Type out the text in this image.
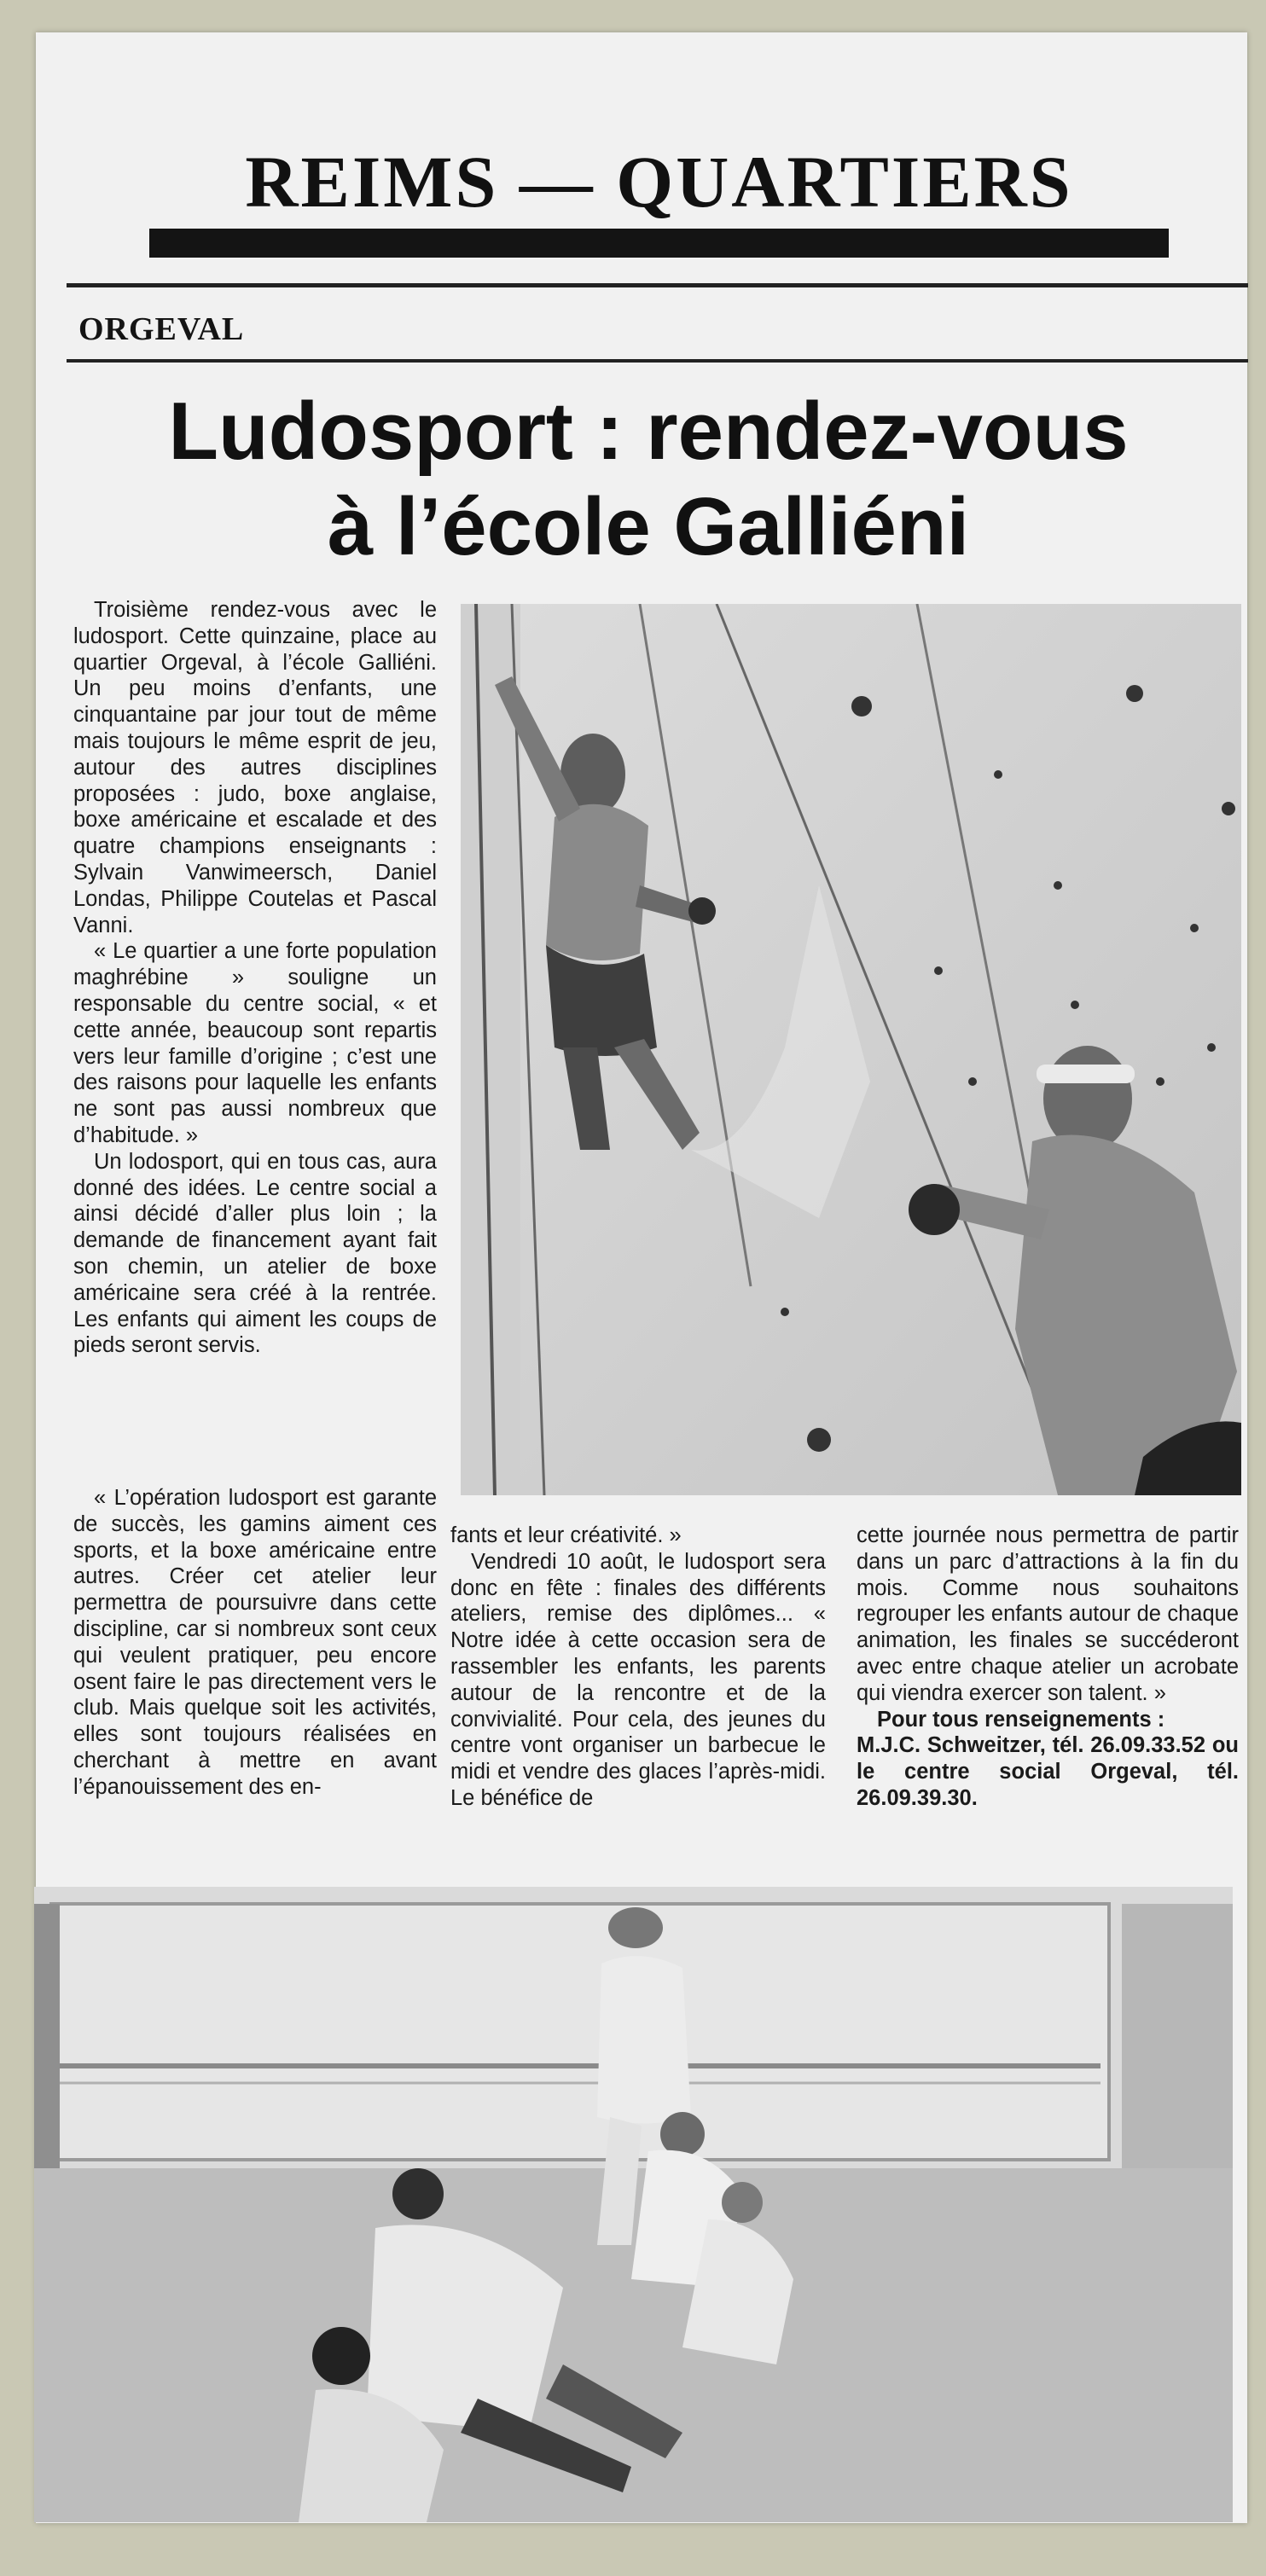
REIMS — QUARTIERS
ORGEVAL
Ludosport : rendez-vous
à l’école Galliéni

Troisième rendez-vous avec le ludosport. Cette quinzaine, place au quartier Orgeval, à l’école Galliéni. Un peu moins d’enfants, une cinquantaine par jour tout de même mais toujours le même esprit de jeu, autour des autres disciplines proposées : judo, boxe anglaise, boxe américaine et escalade et des quatre champions enseignants : Sylvain Vanwimeersch, Daniel Londas, Philippe Coutelas et Pascal Vanni.

« Le quartier a une forte population maghrébine » souligne un responsable du centre social, « et cette année, beaucoup sont repartis vers leur famille d’origine ; c’est une des raisons pour laquelle les enfants ne sont pas aussi nombreux que d’habitude. »

Un lodosport, qui en tous cas, aura donné des idées. Le centre social a ainsi décidé d’aller plus loin ; la demande de financement ayant fait son chemin, un atelier de boxe américaine sera créé à la rentrée. Les enfants qui aiment les coups de pieds seront servis.

« L’opération ludosport est garante de succès, les gamins aiment ces sports, et la boxe américaine entre autres. Créer cet atelier leur permettra de poursuivre dans cette discipline, car si nombreux sont ceux qui veulent pratiquer, peu encore osent faire le pas directement vers le club. Mais quelque soit les activités, elles sont toujours réalisées en cherchant à mettre en avant l’épanouissement des en-

fants et leur créativité. »

Vendredi 10 août, le ludosport sera donc en fête : finales des différents ateliers, remise des diplômes... « Notre idée à cette occasion sera de rassembler les enfants, les parents autour de la rencontre et de la convivialité. Pour cela, des jeunes du centre vont organiser un barbecue le midi et vendre des glaces l’après-midi. Le bénéfice de

cette journée nous permettra de partir dans un parc d’attractions à la fin du mois. Comme nous souhaitons regrouper les enfants autour de chaque animation, les finales se succéderont avec entre chaque atelier un acrobate qui viendra exercer son talent. »

Pour tous renseignements :

M.J.C. Schweitzer, tél. 26.09.33.52 ou le centre social Orgeval, tél. 26.09.39.30.
